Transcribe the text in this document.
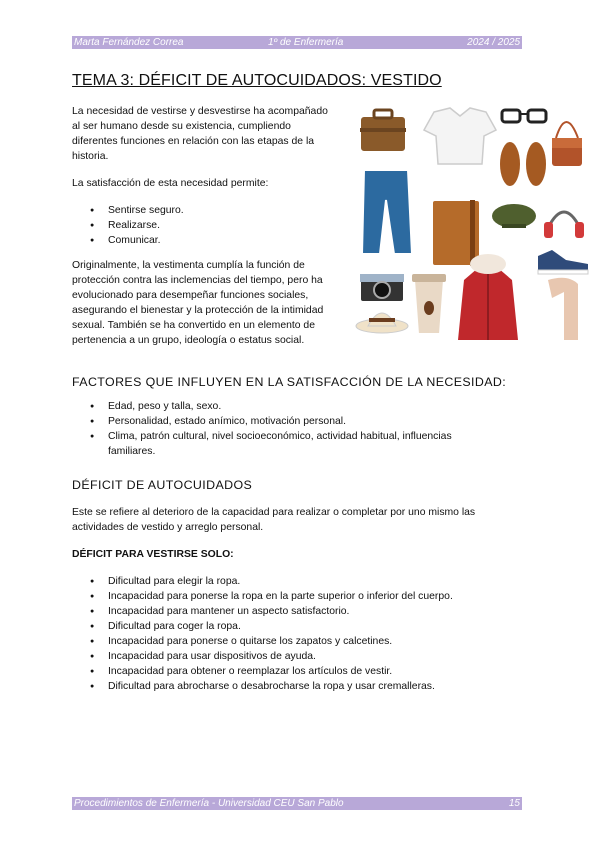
Marta Fernández Correa	1º de Enfermería	2024 / 2025
TEMA 3: DÉFICIT DE AUTOCUIDADOS: VESTIDO

La necesidad de vestirse y desvestirse ha acompañado al ser humano desde su existencia, cumpliendo diferentes funciones en relación con las etapas de la historia.

La satisfacción de esta necesidad permite:

● Sentirse seguro.
● Realizarse.
● Comunicar.

Originalmente, la vestimenta cumplía la función de protección contra las inclemencias del tiempo, pero ha evolucionado para desempeñar funciones sociales, asegurando el bienestar y la protección de la intimidad sexual. También se ha convertido en un elemento de pertenencia a un grupo, ideología o estatus social.

FACTORES QUE INFLUYEN EN LA SATISFACCIÓN DE LA NECESIDAD:
● Edad, peso y talla, sexo.
● Personalidad, estado anímico, motivación personal.
● Clima, patrón cultural, nivel socioeconómico, actividad habitual, influencias familiares.
DÉFICIT DE AUTOCUIDADOS

Este se refiere al deterioro de la capacidad para realizar o completar por uno mismo las actividades de vestido y arreglo personal.

DÉFICIT PARA VESTIRSE SOLO:

● Dificultad para elegir la ropa.
● Incapacidad para ponerse la ropa en la parte superior o inferior del cuerpo.
● Incapacidad para mantener un aspecto satisfactorio.
● Dificultad para coger la ropa.
● Incapacidad para ponerse o quitarse los zapatos y calcetines.
● Incapacidad para usar dispositivos de ayuda.
● Incapacidad para obtener o reemplazar los artículos de vestir.
● Dificultad para abrocharse o desabrocharse la ropa y usar cremalleras.
Procedimientos de Enfermería - Universidad CEU San Pablo	15
